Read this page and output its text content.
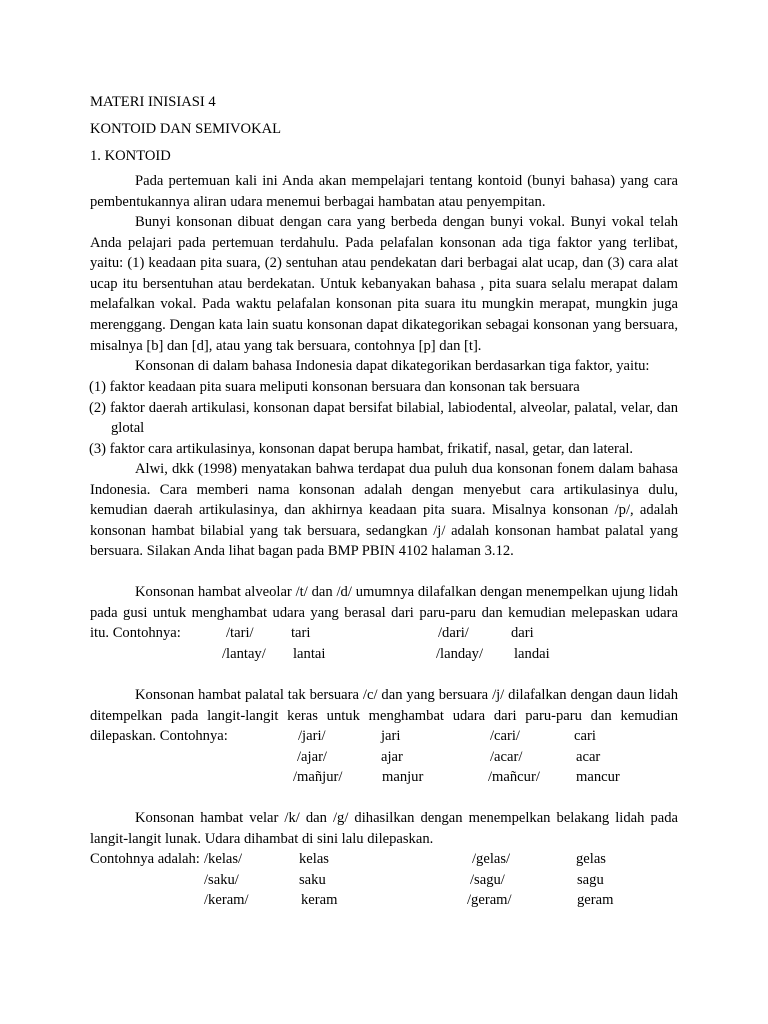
MATERI INISIASI 4
KONTOID DAN SEMIVOKAL
1. KONTOID

Pada pertemuan kali ini Anda akan mempelajari tentang kontoid (bunyi bahasa) yang cara pembentukannya aliran udara menemui berbagai hambatan atau penyempitan.

Bunyi konsonan dibuat dengan cara yang berbeda dengan bunyi vokal. Bunyi vokal telah Anda pelajari pada pertemuan terdahulu. Pada pelafalan konsonan ada tiga faktor yang terlibat, yaitu: (1) keadaan pita suara, (2) sentuhan atau pendekatan dari berbagai alat ucap, dan (3) cara alat ucap itu bersentuhan atau berdekatan. Untuk kebanyakan bahasa , pita suara selalu merapat dalam melafalkan vokal. Pada waktu pelafalan konsonan pita suara itu mungkin merapat, mungkin juga merenggang. Dengan kata lain suatu konsonan dapat dikategorikan sebagai konsonan yang bersuara, misalnya [b] dan [d], atau yang tak bersuara, contohnya [p] dan [t].

Konsonan di dalam bahasa Indonesia dapat dikategorikan berdasarkan tiga faktor, yaitu:

(1) faktor keadaan pita suara meliputi konsonan bersuara dan konsonan tak bersuara
(2) faktor daerah artikulasi, konsonan dapat bersifat bilabial, labiodental, alveolar, palatal, velar, dan glotal
(3) faktor cara artikulasinya, konsonan dapat berupa hambat, frikatif, nasal, getar, dan lateral.

Alwi, dkk (1998) menyatakan bahwa terdapat dua puluh dua konsonan fonem dalam bahasa Indonesia. Cara memberi nama konsonan adalah dengan menyebut cara artikulasinya dulu, kemudian daerah artikulasinya, dan akhirnya keadaan pita suara. Misalnya konsonan /p/, adalah konsonan hambat bilabial yang tak bersuara, sedangkan /j/ adalah konsonan hambat palatal yang bersuara. Silakan Anda lihat bagan pada BMP PBIN 4102 halaman 3.12.

Konsonan hambat alveolar /t/ dan /d/ umumnya dilafalkan dengan menempelkan ujung lidah pada gusi untuk menghambat udara yang berasal dari paru-paru dan kemudian melepaskan udara itu. Contohnya:	/tari/	tari	/dari/	dari
/lantay/ lantai	/landay/ landai

Konsonan hambat palatal tak bersuara /c/ dan yang bersuara /j/ dilafalkan dengan daun lidah ditempelkan pada langit-langit keras untuk menghambat udara dari paru-paru dan kemudian dilepaskan. Contohnya:	/jari/	jari	/cari/	cari
/ajar/	ajar	/acar/	acar
/mañjur/	manjur	/mañcur/ mancur

Konsonan hambat velar /k/ dan /g/ dihasilkan dengan menempelkan belakang lidah pada langit-langit lunak. Udara dihambat di sini lalu dilepaskan.

Contohnya adalah: /kelas/	kelas	/gelas/	gelas
/saku/	saku	/sagu/	sagu
/keram/	keram	/geram/	geram
